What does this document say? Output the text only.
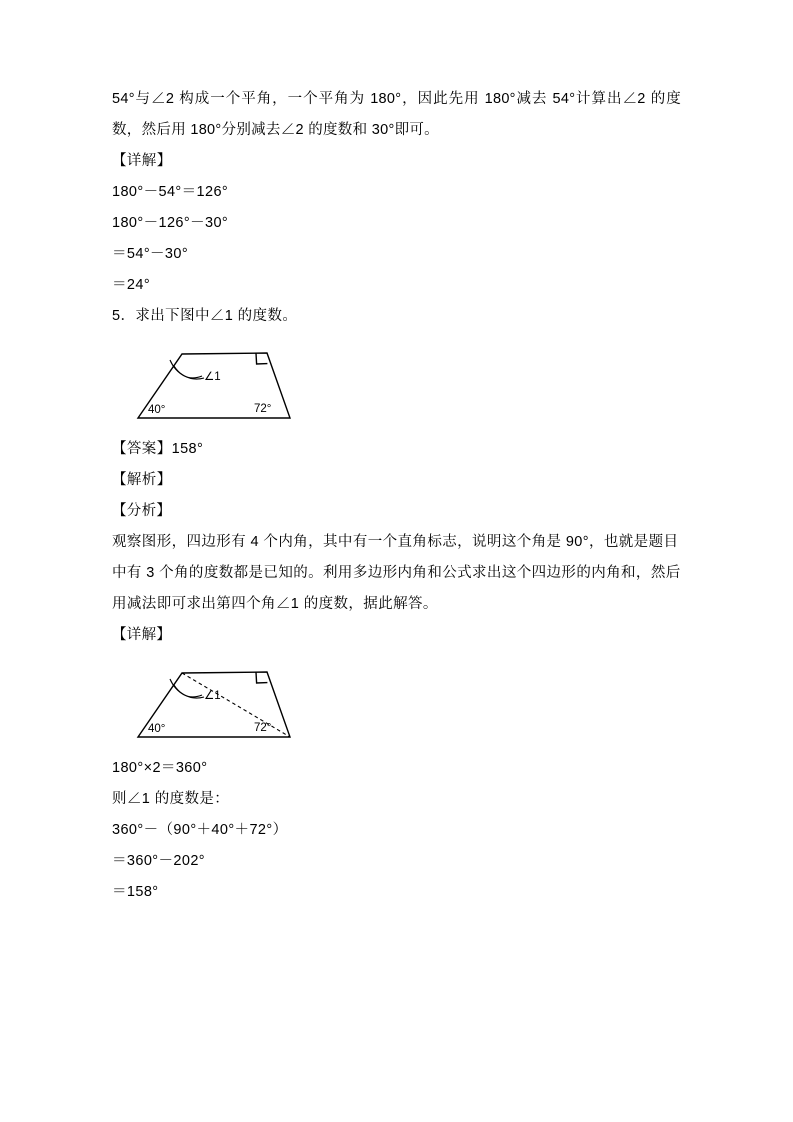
54°与∠2 构成一个平角，一个平角为 180°，因此先用 180°减去 54°计算出∠2 的度数，然后用 180°分别减去∠2 的度数和 30°即可。
【详解】
180°－54°＝126°
180°－126°－30°
＝54°－30°
＝24°
5．求出下图中∠1 的度数。
∠1
40°	72°
【答案】158°
【解析】
【分析】
观察图形，四边形有 4 个内角，其中有一个直角标志，说明这个角是 90°，也就是题目中有 3 个角的度数都是已知的。利用多边形内角和公式求出这个四边形的内角和，然后用减法即可求出第四个角∠1 的度数，据此解答。
【详解】
∠1
40°	72°
180°×2＝360°
则∠1 的度数是：
360°－（90°＋40°＋72°）
＝360°－202°
＝158°
